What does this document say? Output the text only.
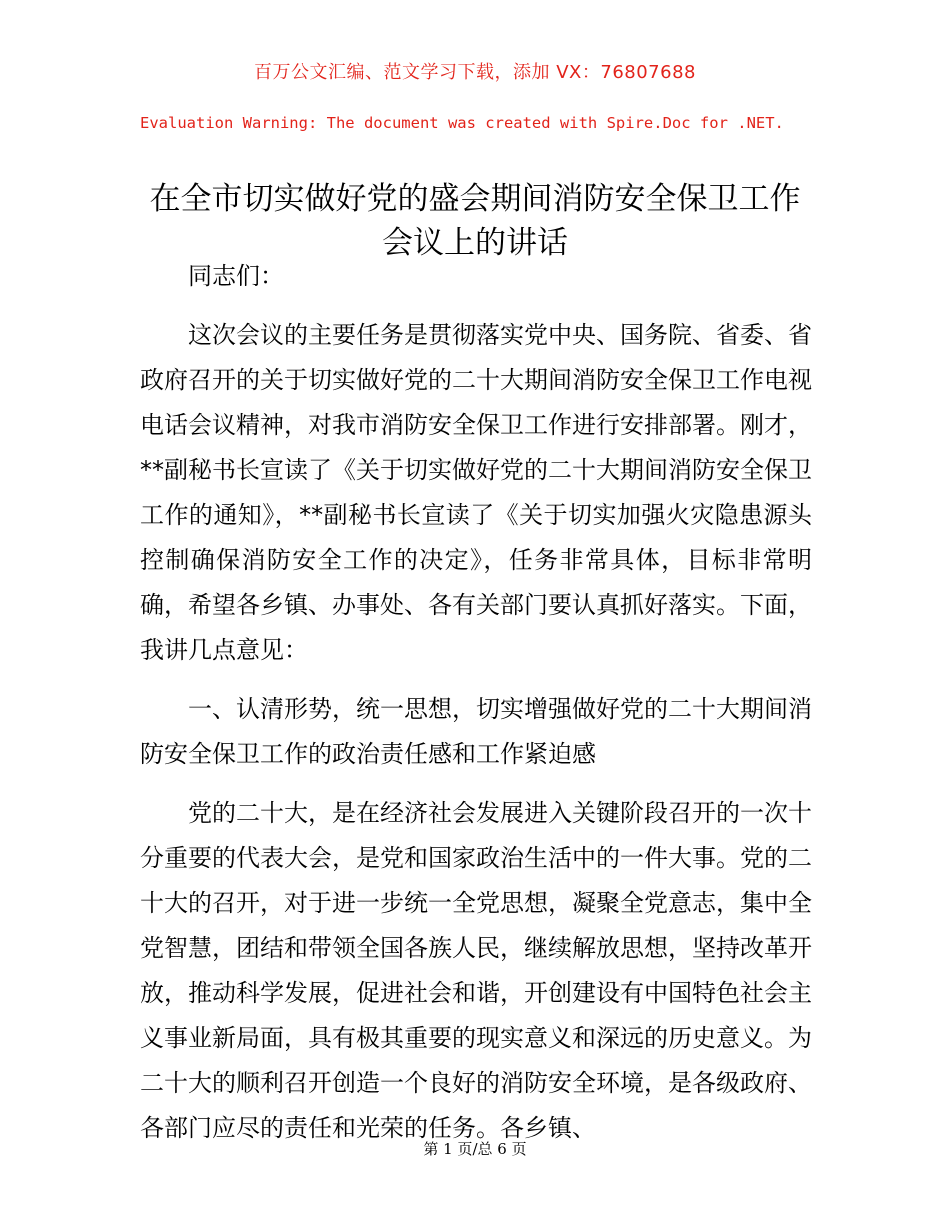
百万公文汇编、范文学习下载，添加 VX：76807688
Evaluation Warning: The document was created with Spire.Doc for .NET.
在全市切实做好党的盛会期间消防安全保卫工作会议上的讲话

同志们：

这次会议的主要任务是贯彻落实党中央、国务院、省委、省政府召开的关于切实做好党的二十大期间消防安全保卫工作电视电话会议精神，对我市消防安全保卫工作进行安排部署。刚才，**副秘书长宣读了《关于切实做好党的二十大期间消防安全保卫工作的通知》，**副秘书长宣读了《关于切实加强火灾隐患源头控制确保消防安全工作的决定》，任务非常具体，目标非常明确，希望各乡镇、办事处、各有关部门要认真抓好落实。下面，我讲几点意见：

一、认清形势，统一思想，切实增强做好党的二十大期间消防安全保卫工作的政治责任感和工作紧迫感

党的二十大，是在经济社会发展进入关键阶段召开的一次十分重要的代表大会，是党和国家政治生活中的一件大事。党的二十大的召开，对于进一步统一全党思想，凝聚全党意志，集中全党智慧，团结和带领全国各族人民，继续解放思想，坚持改革开放，推动科学发展，促进社会和谐，开创建设有中国特色社会主义事业新局面，具有极其重要的现实意义和深远的历史意义。为二十大的顺利召开创造一个良好的消防安全环境，是各级政府、各部门应尽的责任和光荣的任务。各乡镇、

第 1 页/总 6 页
